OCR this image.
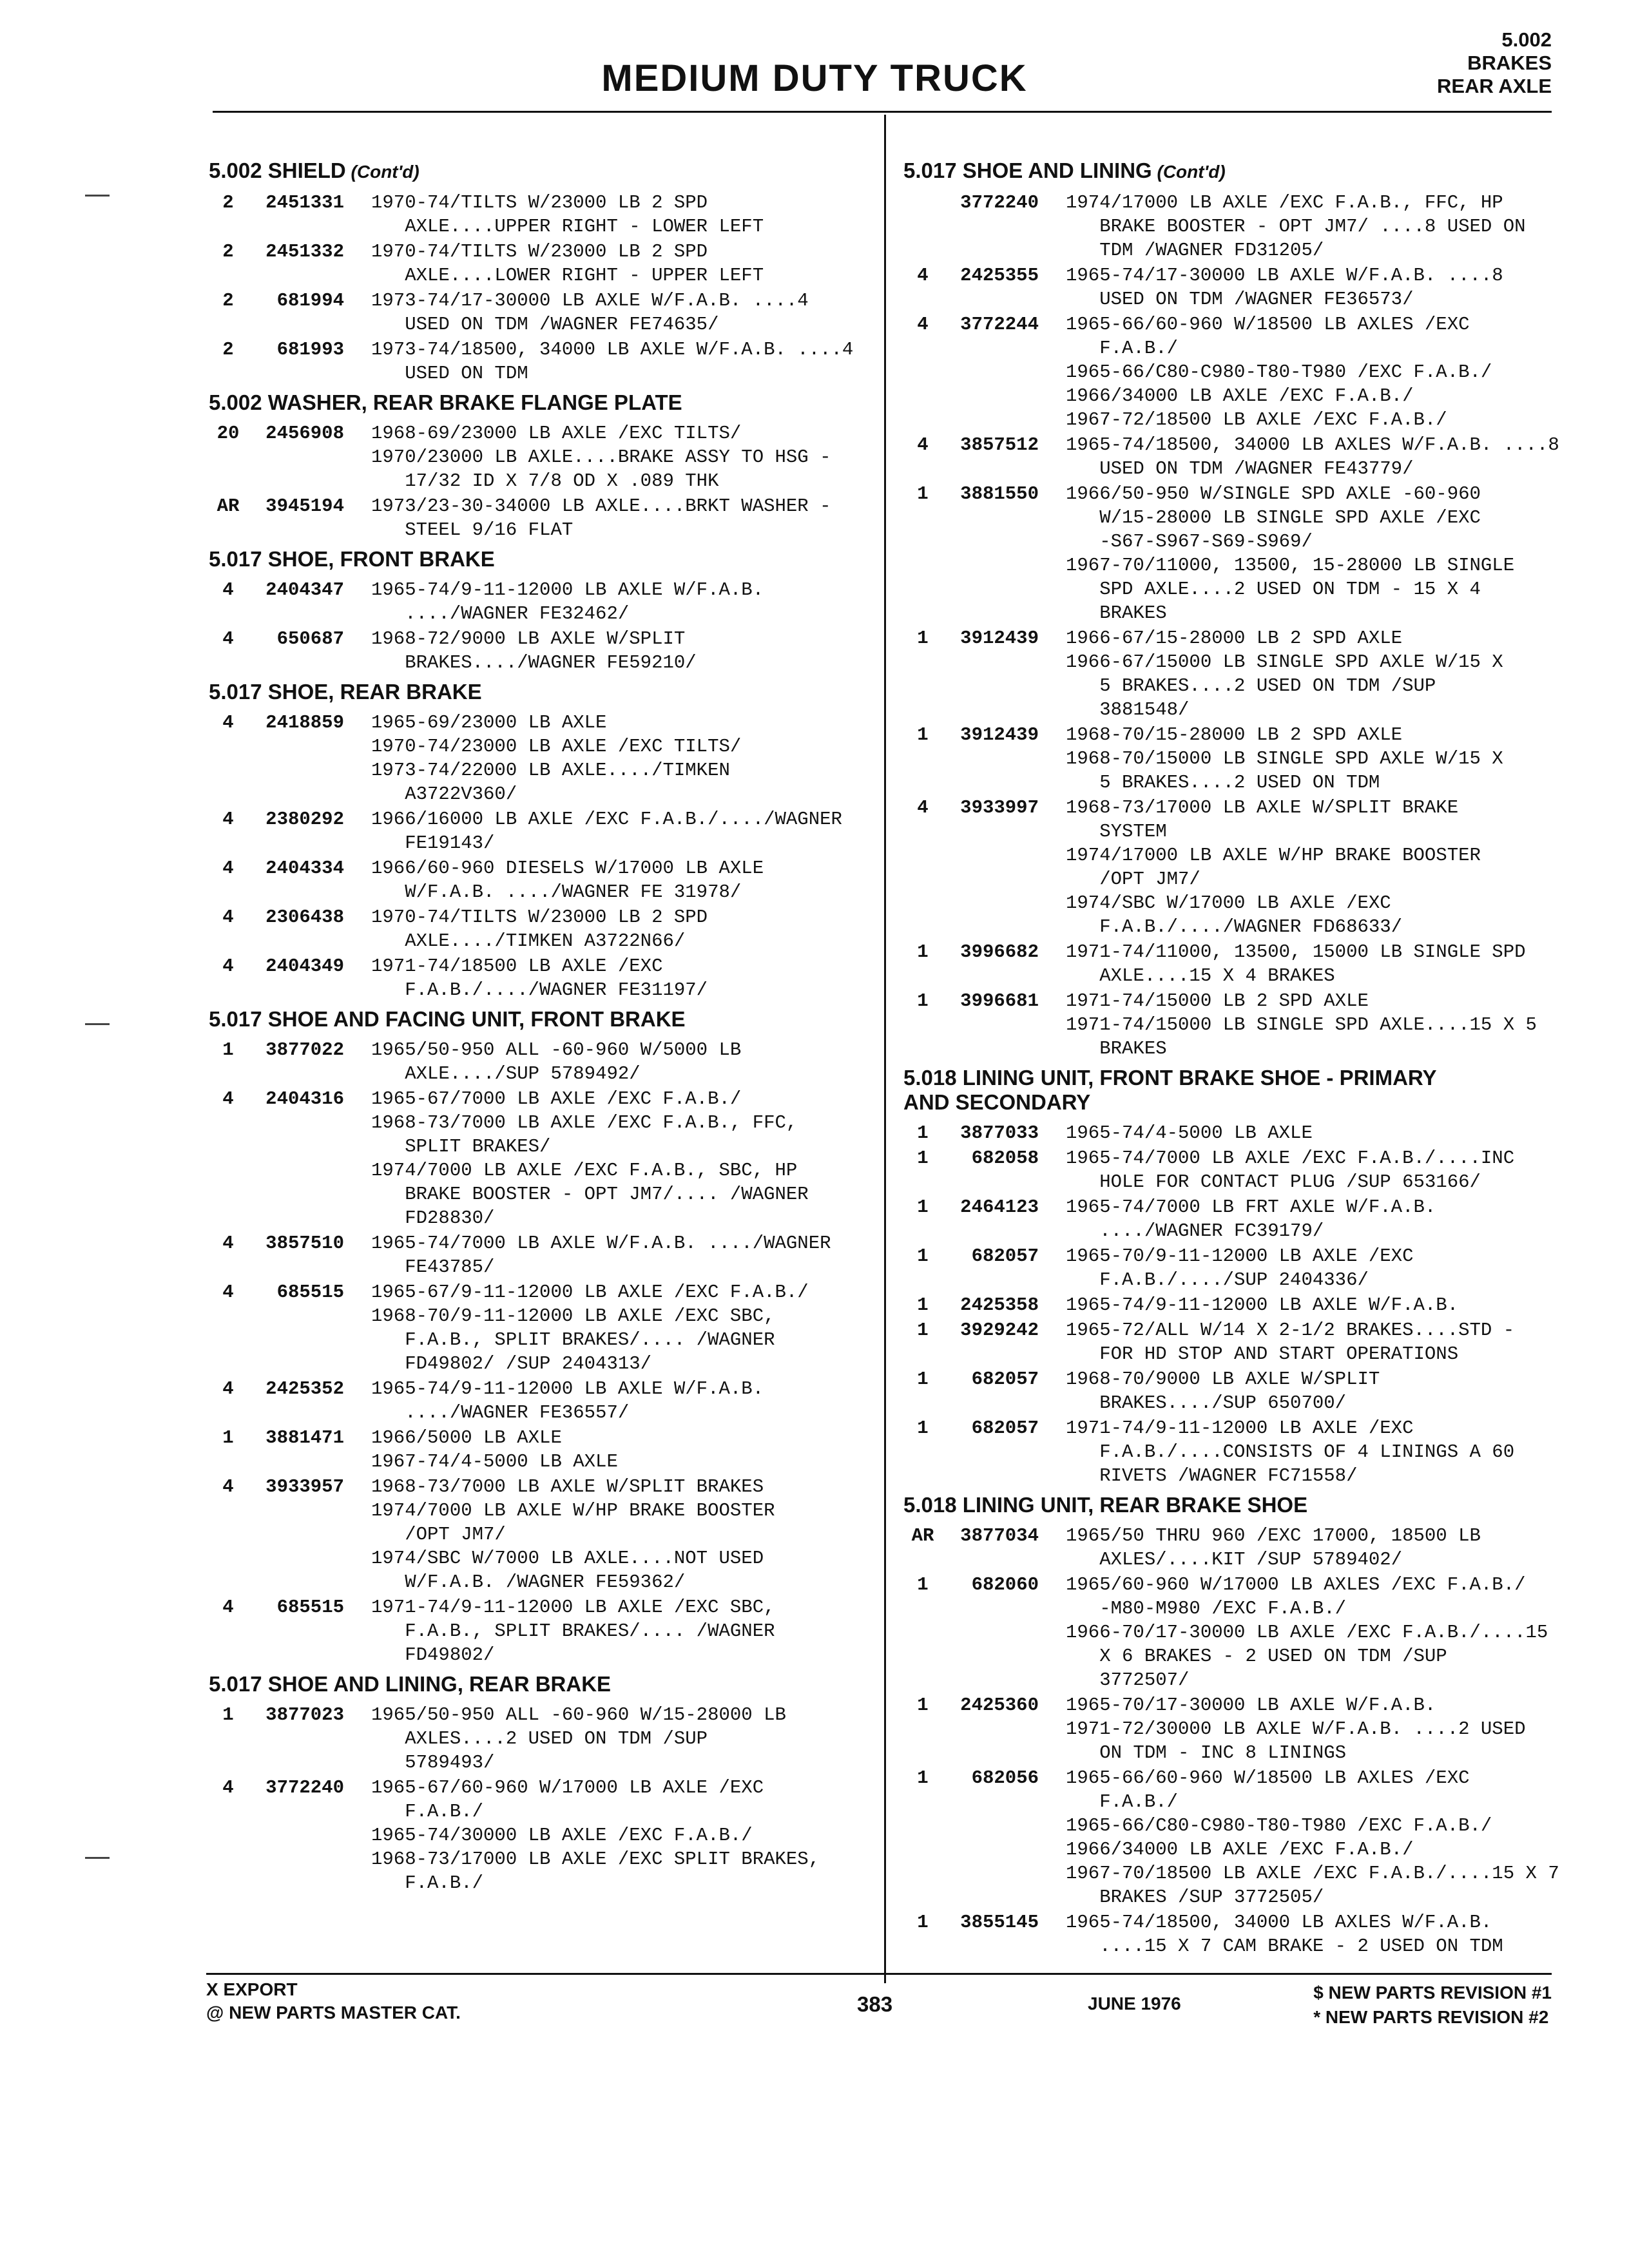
MEDIUM DUTY TRUCK
5.002
BRAKES
REAR AXLE
5.002 SHIELD (Cont'd)
2	2451331	1970-74/TILTS W/23000 LB 2 SPD
AXLE....UPPER RIGHT - LOWER LEFT
2	2451332	1970-74/TILTS W/23000 LB 2 SPD
AXLE....LOWER RIGHT - UPPER LEFT
2	681994	1973-74/17-30000 LB AXLE W/F.A.B. ....4
USED ON TDM /WAGNER FE74635/
2	681993	1973-74/18500, 34000 LB AXLE W/F.A.B. ....4
USED ON TDM
5.002 WASHER, REAR BRAKE FLANGE PLATE
20	2456908	1968-69/23000 LB AXLE /EXC TILTS/
1970/23000 LB AXLE....BRAKE ASSY TO HSG -
17/32 ID X 7/8 OD X .089 THK
AR	3945194	1973/23-30-34000 LB AXLE....BRKT WASHER -
STEEL 9/16 FLAT
5.017 SHOE, FRONT BRAKE
4	2404347	1965-74/9-11-12000 LB AXLE W/F.A.B.
..../WAGNER FE32462/
4	650687	1968-72/9000 LB AXLE W/SPLIT
BRAKES..../WAGNER FE59210/
5.017 SHOE, REAR BRAKE
4	2418859	1965-69/23000 LB AXLE
1970-74/23000 LB AXLE /EXC TILTS/
1973-74/22000 LB AXLE..../TIMKEN
A3722V360/
4	2380292	1966/16000 LB AXLE /EXC F.A.B./..../WAGNER
FE19143/
4	2404334	1966/60-960 DIESELS W/17000 LB AXLE
W/F.A.B. ..../WAGNER FE 31978/
4	2306438	1970-74/TILTS W/23000 LB 2 SPD
AXLE..../TIMKEN A3722N66/
4	2404349	1971-74/18500 LB AXLE /EXC
F.A.B./..../WAGNER FE31197/
5.017 SHOE AND FACING UNIT, FRONT BRAKE
1	3877022	1965/50-950 ALL -60-960 W/5000 LB
AXLE..../SUP 5789492/
4	2404316	1965-67/7000 LB AXLE /EXC F.A.B./
1968-73/7000 LB AXLE /EXC F.A.B., FFC,
SPLIT BRAKES/
1974/7000 LB AXLE /EXC F.A.B., SBC, HP
BRAKE BOOSTER - OPT JM7/.... /WAGNER
FD28830/
4	3857510	1965-74/7000 LB AXLE W/F.A.B. ..../WAGNER
FE43785/
4	685515	1965-67/9-11-12000 LB AXLE /EXC F.A.B./
1968-70/9-11-12000 LB AXLE /EXC SBC,
F.A.B., SPLIT BRAKES/.... /WAGNER
FD49802/ /SUP 2404313/
4	2425352	1965-74/9-11-12000 LB AXLE W/F.A.B.
..../WAGNER FE36557/
1	3881471	1966/5000 LB AXLE
1967-74/4-5000 LB AXLE
4	3933957	1968-73/7000 LB AXLE W/SPLIT BRAKES
1974/7000 LB AXLE W/HP BRAKE BOOSTER
/OPT JM7/
1974/SBC W/7000 LB AXLE....NOT USED
W/F.A.B. /WAGNER FE59362/
4	685515	1971-74/9-11-12000 LB AXLE /EXC SBC,
F.A.B., SPLIT BRAKES/.... /WAGNER
FD49802/
5.017 SHOE AND LINING, REAR BRAKE
1	3877023	1965/50-950 ALL -60-960 W/15-28000 LB
AXLES....2 USED ON TDM /SUP
5789493/
4	3772240	1965-67/60-960 W/17000 LB AXLE /EXC
F.A.B./
1965-74/30000 LB AXLE /EXC F.A.B./
1968-73/17000 LB AXLE /EXC SPLIT BRAKES,
F.A.B./
5.017 SHOE AND LINING (Cont'd)
3772240	1974/17000 LB AXLE /EXC F.A.B., FFC, HP
BRAKE BOOSTER - OPT JM7/ ....8 USED ON
TDM /WAGNER FD31205/
4	2425355	1965-74/17-30000 LB AXLE W/F.A.B. ....8
USED ON TDM /WAGNER FE36573/
4	3772244	1965-66/60-960 W/18500 LB AXLES /EXC
F.A.B./
1965-66/C80-C980-T80-T980 /EXC F.A.B./
1966/34000 LB AXLE /EXC F.A.B./
1967-72/18500 LB AXLE /EXC F.A.B./
4	3857512	1965-74/18500, 34000 LB AXLES W/F.A.B. ....8
USED ON TDM /WAGNER FE43779/
1	3881550	1966/50-950 W/SINGLE SPD AXLE -60-960
W/15-28000 LB SINGLE SPD AXLE /EXC
-S67-S967-S69-S969/
1967-70/11000, 13500, 15-28000 LB SINGLE
SPD AXLE....2 USED ON TDM - 15 X 4
BRAKES
1	3912439	1966-67/15-28000 LB 2 SPD AXLE
1966-67/15000 LB SINGLE SPD AXLE W/15 X
5 BRAKES....2 USED ON TDM /SUP
3881548/
1	3912439	1968-70/15-28000 LB 2 SPD AXLE
1968-70/15000 LB SINGLE SPD AXLE W/15 X
5 BRAKES....2 USED ON TDM
4	3933997	1968-73/17000 LB AXLE W/SPLIT BRAKE
SYSTEM
1974/17000 LB AXLE W/HP BRAKE BOOSTER
/OPT JM7/
1974/SBC W/17000 LB AXLE /EXC
F.A.B./..../WAGNER FD68633/
1	3996682	1971-74/11000, 13500, 15000 LB SINGLE SPD
AXLE....15 X 4 BRAKES
1	3996681	1971-74/15000 LB 2 SPD AXLE
1971-74/15000 LB SINGLE SPD AXLE....15 X 5
BRAKES
5.018 LINING UNIT, FRONT BRAKE SHOE - PRIMARY
AND SECONDARY
1	3877033	1965-74/4-5000 LB AXLE
1	682058	1965-74/7000 LB AXLE /EXC F.A.B./....INC
HOLE FOR CONTACT PLUG /SUP 653166/
1	2464123	1965-74/7000 LB FRT AXLE W/F.A.B.
..../WAGNER FC39179/
1	682057	1965-70/9-11-12000 LB AXLE /EXC
F.A.B./..../SUP 2404336/
1	2425358	1965-74/9-11-12000 LB AXLE W/F.A.B.
1	3929242	1965-72/ALL W/14 X 2-1/2 BRAKES....STD -
FOR HD STOP AND START OPERATIONS
1	682057	1968-70/9000 LB AXLE W/SPLIT
BRAKES..../SUP 650700/
1	682057	1971-74/9-11-12000 LB AXLE /EXC
F.A.B./....CONSISTS OF 4 LININGS A 60
RIVETS /WAGNER FC71558/
5.018 LINING UNIT, REAR BRAKE SHOE
AR	3877034	1965/50 THRU 960 /EXC 17000, 18500 LB
AXLES/....KIT /SUP 5789402/
1	682060	1965/60-960 W/17000 LB AXLES /EXC F.A.B./
-M80-M980 /EXC F.A.B./
1966-70/17-30000 LB AXLE /EXC F.A.B./....15
X 6 BRAKES - 2 USED ON TDM /SUP
3772507/
1	2425360	1965-70/17-30000 LB AXLE W/F.A.B.
1971-72/30000 LB AXLE W/F.A.B. ....2 USED
ON TDM - INC 8 LININGS
1	682056	1965-66/60-960 W/18500 LB AXLES /EXC
F.A.B./
1965-66/C80-C980-T80-T980 /EXC F.A.B./
1966/34000 LB AXLE /EXC F.A.B./
1967-70/18500 LB AXLE /EXC F.A.B./....15 X 7
BRAKES /SUP 3772505/
1	3855145	1965-74/18500, 34000 LB AXLES W/F.A.B.
....15 X 7 CAM BRAKE - 2 USED ON TDM
X EXPORT
@ NEW PARTS MASTER CAT.	383	JUNE 1976
$ NEW PARTS REVISION #1
* NEW PARTS REVISION #2
